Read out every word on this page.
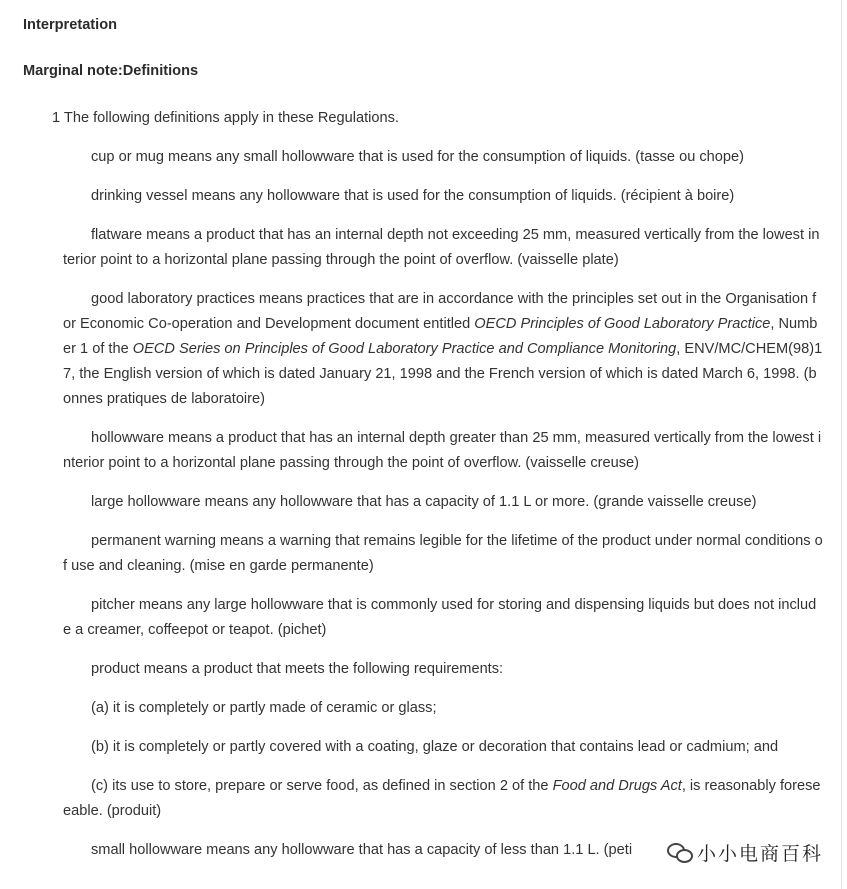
Interpretation
Marginal note:Definitions
1 The following definitions apply in these Regulations.
cup or mug means any small hollowware that is used for the consumption of liquids. (tasse ou chope)
drinking vessel means any hollowware that is used for the consumption of liquids. (récipient à boire)
flatware means a product that has an internal depth not exceeding 25 mm, measured vertically from the lowest interior point to a horizontal plane passing through the point of overflow. (vaisselle plate)
good laboratory practices means practices that are in accordance with the principles set out in the Organisation for Economic Co-operation and Development document entitled OECD Principles of Good Laboratory Practice, Number 1 of the OECD Series on Principles of Good Laboratory Practice and Compliance Monitoring, ENV/MC/CHEM(98)17, the English version of which is dated January 21, 1998 and the French version of which is dated March 6, 1998. (bonnes pratiques de laboratoire)
hollowware means a product that has an internal depth greater than 25 mm, measured vertically from the lowest interior point to a horizontal plane passing through the point of overflow. (vaisselle creuse)
large hollowware means any hollowware that has a capacity of 1.1 L or more. (grande vaisselle creuse)
permanent warning means a warning that remains legible for the lifetime of the product under normal conditions of use and cleaning. (mise en garde permanente)
pitcher means any large hollowware that is commonly used for storing and dispensing liquids but does not include a creamer, coffeepot or teapot. (pichet)
product means a product that meets the following requirements:
(a) it is completely or partly made of ceramic or glass;
(b) it is completely or partly covered with a coating, glaze or decoration that contains lead or cadmium; and
(c) its use to store, prepare or serve food, as defined in section 2 of the Food and Drugs Act, is reasonably foreseeable. (produit)
small hollowware means any hollowware that has a capacity of less than 1.1 L. (peti	小小电商百科
